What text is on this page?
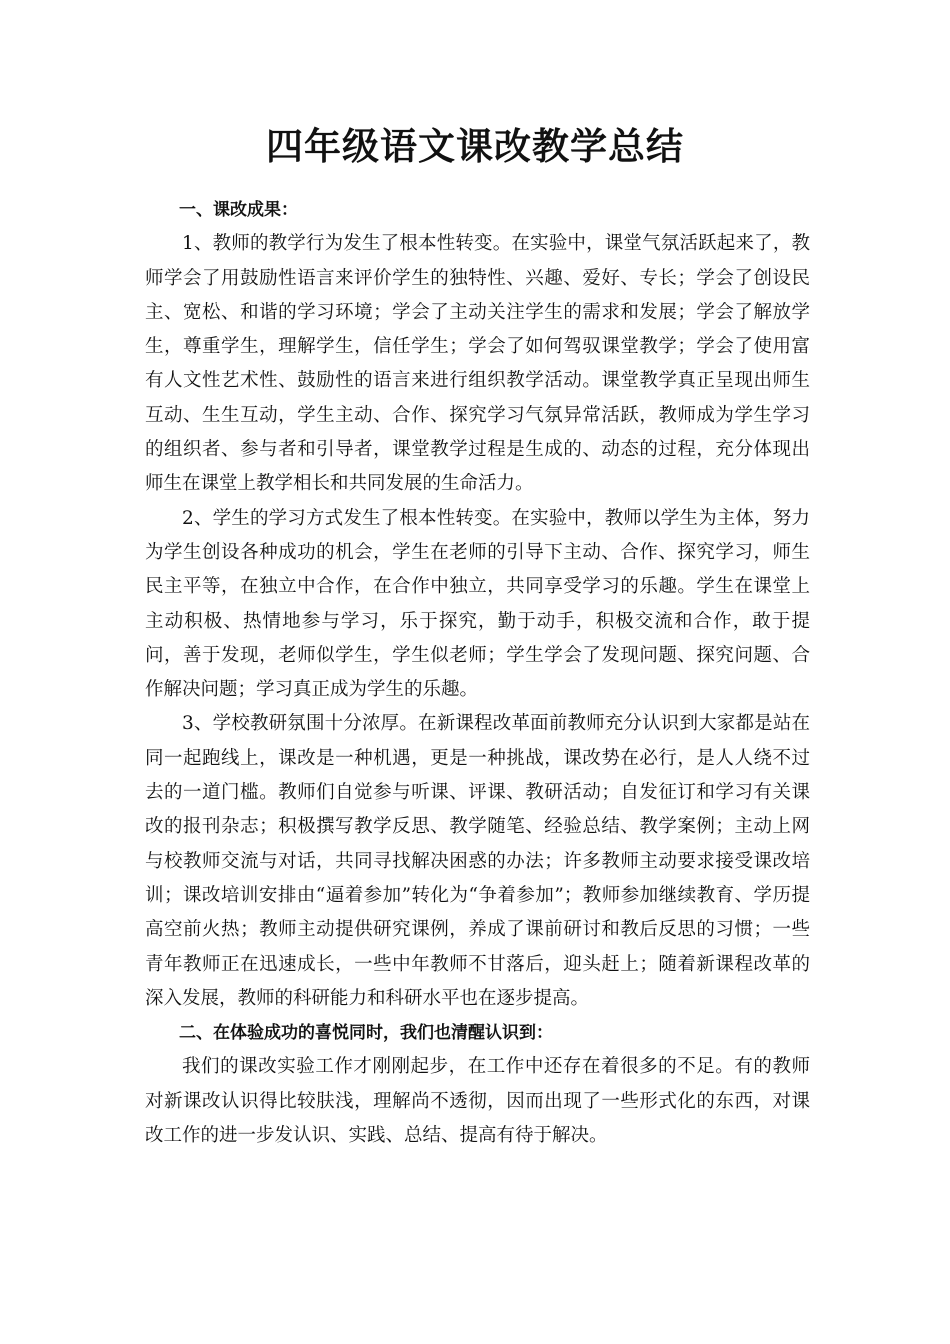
四年级语文课改教学总结

一、课改成果：

1、教师的教学行为发生了根本性转变。在实验中，课堂气氛活跃起来了，教师学会了用鼓励性语言来评价学生的独特性、兴趣、爱好、专长；学会了创设民主、宽松、和谐的学习环境；学会了主动关注学生的需求和发展；学会了解放学生，尊重学生，理解学生，信任学生；学会了如何驾驭课堂教学；学会了使用富有人文性艺术性、鼓励性的语言来进行组织教学活动。课堂教学真正呈现出师生互动、生生互动，学生主动、合作、探究学习气氛异常活跃，教师成为学生学习的组织者、参与者和引导者，课堂教学过程是生成的、动态的过程，充分体现出师生在课堂上教学相长和共同发展的生命活力。

2、学生的学习方式发生了根本性转变。在实验中，教师以学生为主体，努力为学生创设各种成功的机会，学生在老师的引导下主动、合作、探究学习，师生民主平等，在独立中合作，在合作中独立，共同享受学习的乐趣。学生在课堂上主动积极、热情地参与学习，乐于探究，勤于动手，积极交流和合作，敢于提问，善于发现，老师似学生，学生似老师；学生学会了发现问题、探究问题、合作解决问题；学习真正成为学生的乐趣。

3、学校教研氛围十分浓厚。在新课程改革面前教师充分认识到大家都是站在同一起跑线上，课改是一种机遇，更是一种挑战，课改势在必行，是人人绕不过去的一道门槛。教师们自觉参与听课、评课、教研活动；自发征订和学习有关课改的报刊杂志；积极撰写教学反思、教学随笔、经验总结、教学案例；主动上网与校教师交流与对话，共同寻找解决困惑的办法；许多教师主动要求接受课改培训；课改培训安排由“逼着参加”转化为“争着参加”；教师参加继续教育、学历提高空前火热；教师主动提供研究课例，养成了课前研讨和教后反思的习惯；一些青年教师正在迅速成长，一些中年教师不甘落后，迎头赶上；随着新课程改革的深入发展，教师的科研能力和科研水平也在逐步提高。

二、在体验成功的喜悦同时，我们也清醒认识到：

我们的课改实验工作才刚刚起步，在工作中还存在着很多的不足。有的教师对新课改认识得比较肤浅，理解尚不透彻，因而出现了一些形式化的东西，对课改工作的进一步发认识、实践、总结、提高有待于解决。
